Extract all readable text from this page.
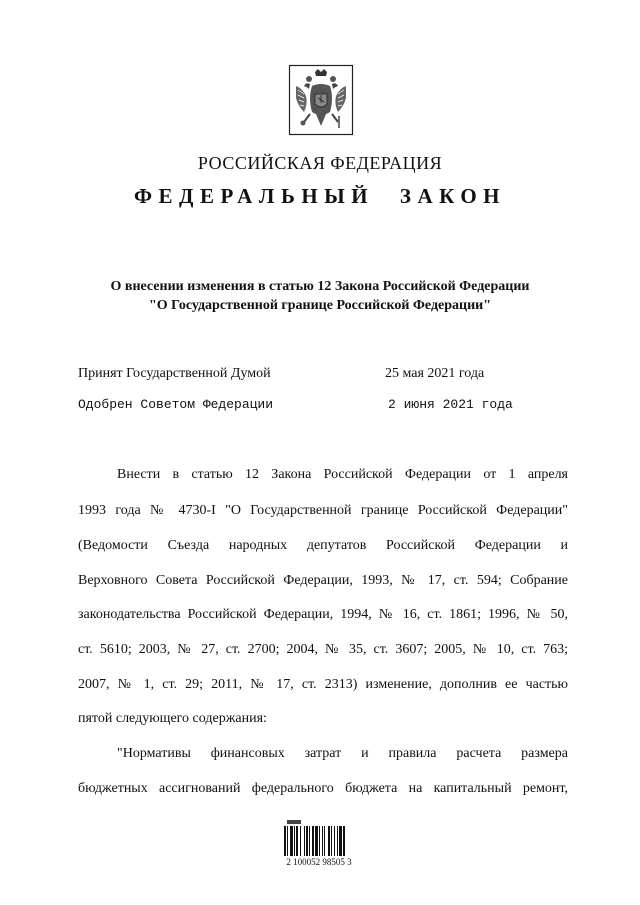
РОССИЙСКАЯ ФЕДЕРАЦИЯ
ФЕДЕРАЛЬНЫЙ ЗАКОН
О внесении изменения в статью 12 Закона Российской Федерации
"О Государственной границе Российской Федерации"
Принят Государственной Думой	25 мая 2021 года
Одобрен Советом Федерации	2 июня 2021 года
Внести в статью 12 Закона Российской Федерации от 1 апреля
1993 года № 4730-I "О Государственной границе Российской Федерации"
(Ведомости Съезда народных депутатов Российской Федерации и
Верховного Совета Российской Федерации, 1993, № 17, ст. 594; Собрание
законодательства Российской Федерации, 1994, № 16, ст. 1861; 1996, № 50,
ст. 5610; 2003, № 27, ст. 2700; 2004, № 35, ст. 3607; 2005, № 10, ст. 763;
2007, № 1, ст. 29; 2011, № 17, ст. 2313) изменение, дополнив ее частью
пятой следующего содержания:
"Нормативы финансовых затрат и правила расчета размера
бюджетных ассигнований федерального бюджета на капитальный ремонт,
2 100052 98505 3
